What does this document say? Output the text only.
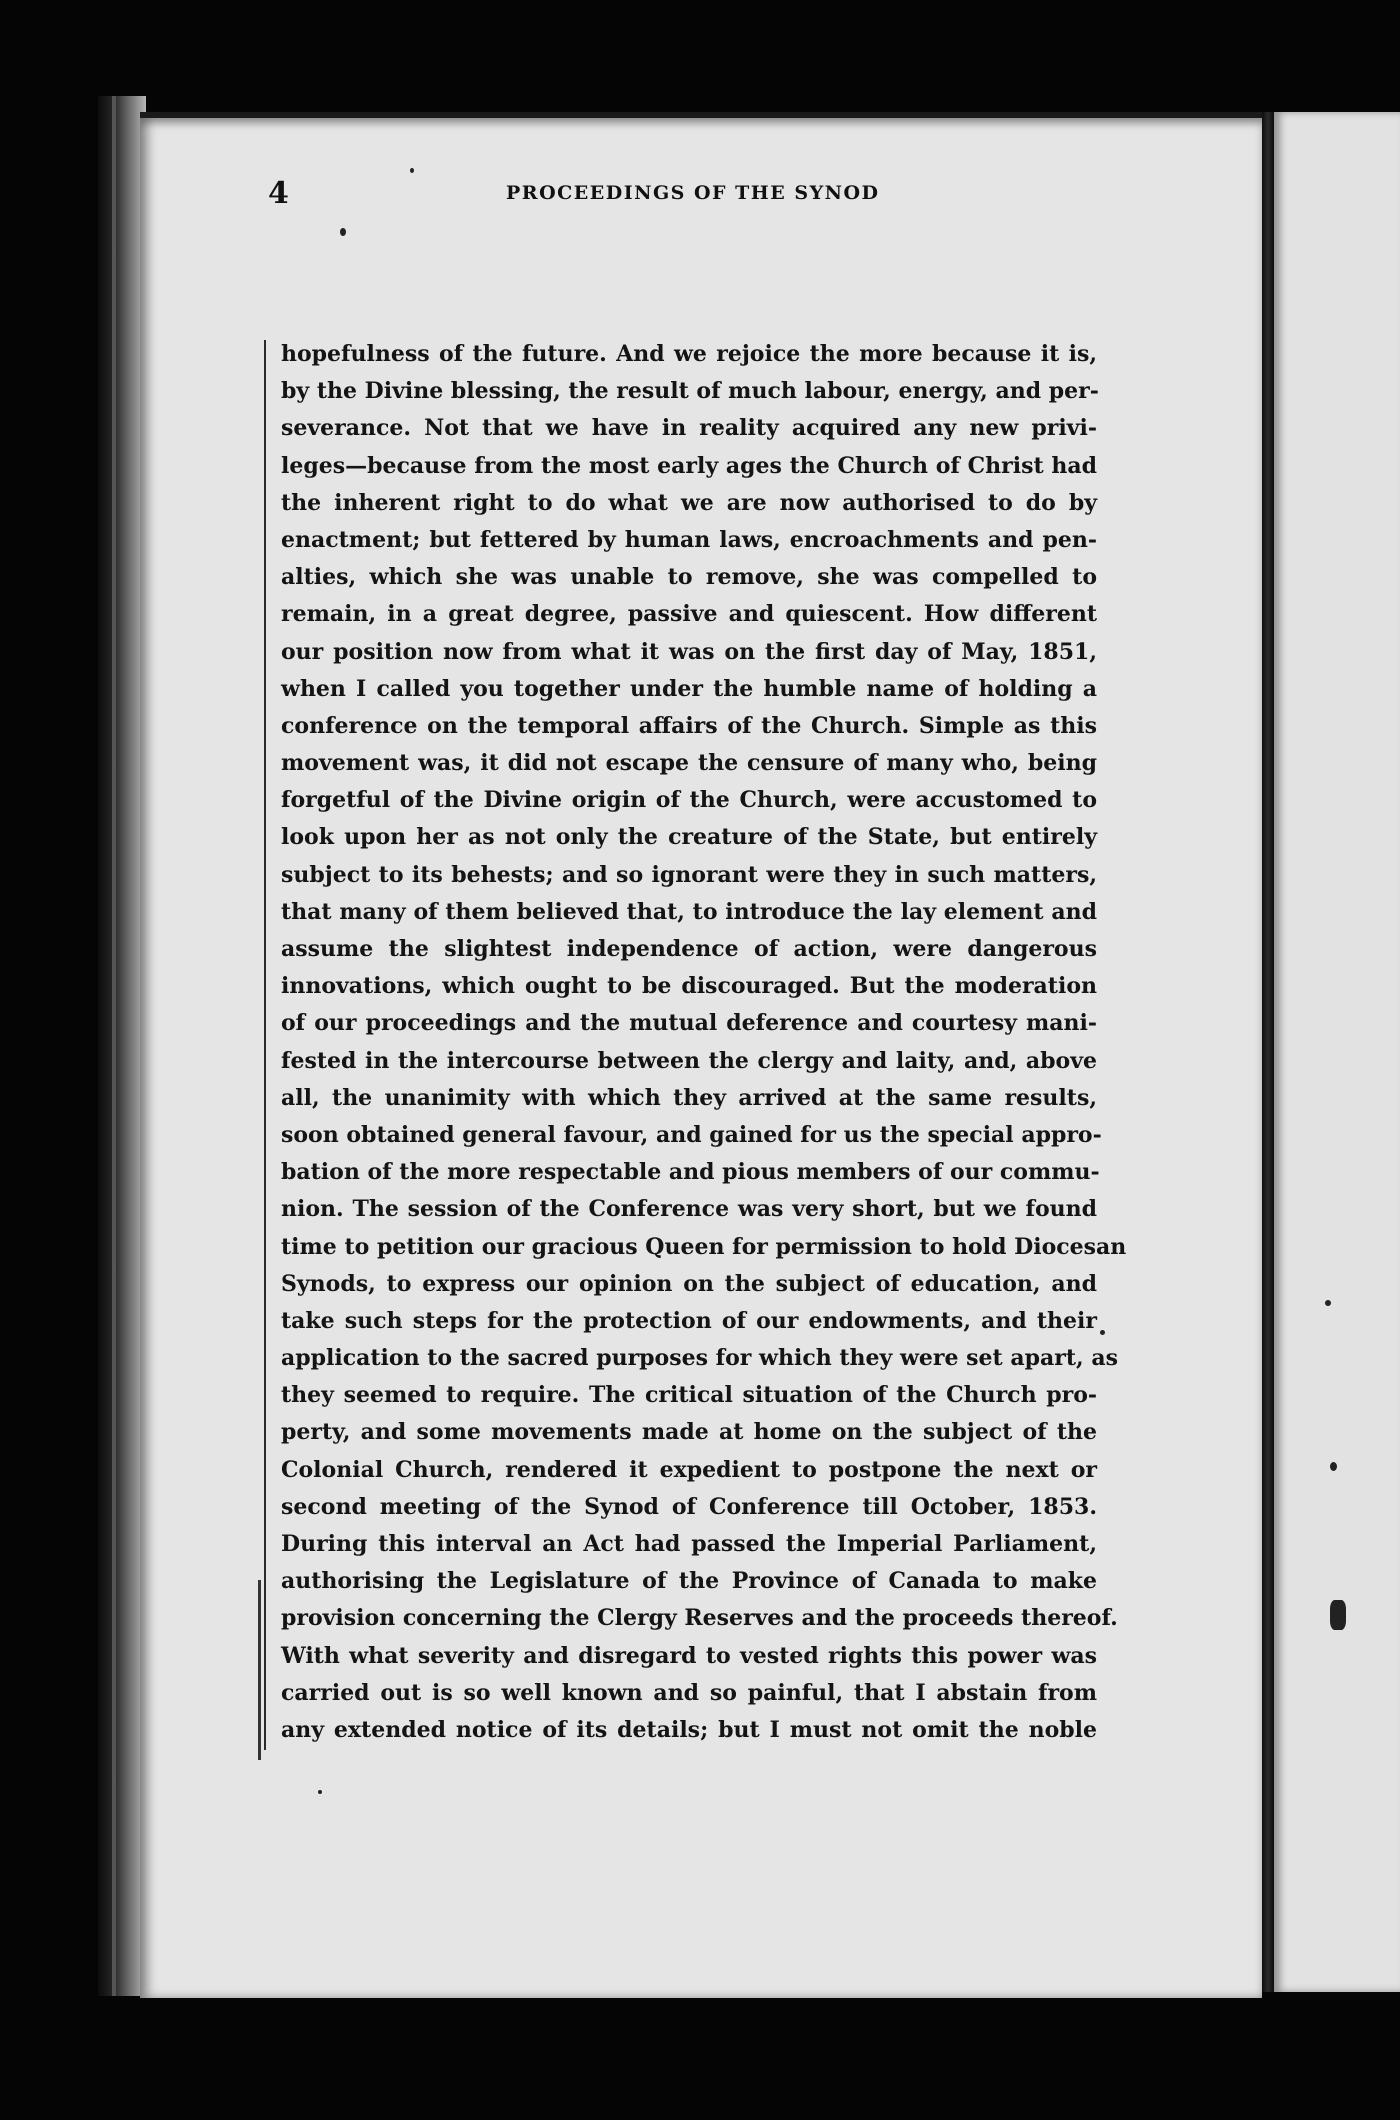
4	PROCEEDINGS OF THE SYNOD
hopefulness of the future. And we rejoice the more because it is,
by the Divine blessing, the result of much labour, energy, and per-
severance. Not that we have in reality acquired any new privi-
leges—because from the most early ages the Church of Christ had
the inherent right to do what we are now authorised to do by
enactment; but fettered by human laws, encroachments and pen-
alties, which she was unable to remove, she was compelled to
remain, in a great degree, passive and quiescent. How different
our position now from what it was on the first day of May, 1851,
when I called you together under the humble name of holding a
conference on the temporal affairs of the Church. Simple as this
movement was, it did not escape the censure of many who, being
forgetful of the Divine origin of the Church, were accustomed to
look upon her as not only the creature of the State, but entirely
subject to its behests; and so ignorant were they in such matters,
that many of them believed that, to introduce the lay element and
assume the slightest independence of action, were dangerous
innovations, which ought to be discouraged. But the moderation
of our proceedings and the mutual deference and courtesy mani-
fested in the intercourse between the clergy and laity, and, above
all, the unanimity with which they arrived at the same results,
soon obtained general favour, and gained for us the special appro-
bation of the more respectable and pious members of our commu-
nion. The session of the Conference was very short, but we found
time to petition our gracious Queen for permission to hold Diocesan
Synods, to express our opinion on the subject of education, and
take such steps for the protection of our endowments, and their
application to the sacred purposes for which they were set apart, as
they seemed to require. The critical situation of the Church pro-
perty, and some movements made at home on the subject of the
Colonial Church, rendered it expedient to postpone the next or
second meeting of the Synod of Conference till October, 1853.
During this interval an Act had passed the Imperial Parliament,
authorising the Legislature of the Province of Canada to make
provision concerning the Clergy Reserves and the proceeds thereof.
With what severity and disregard to vested rights this power was
carried out is so well known and so painful, that I abstain from
any extended notice of its details; but I must not omit the noble
